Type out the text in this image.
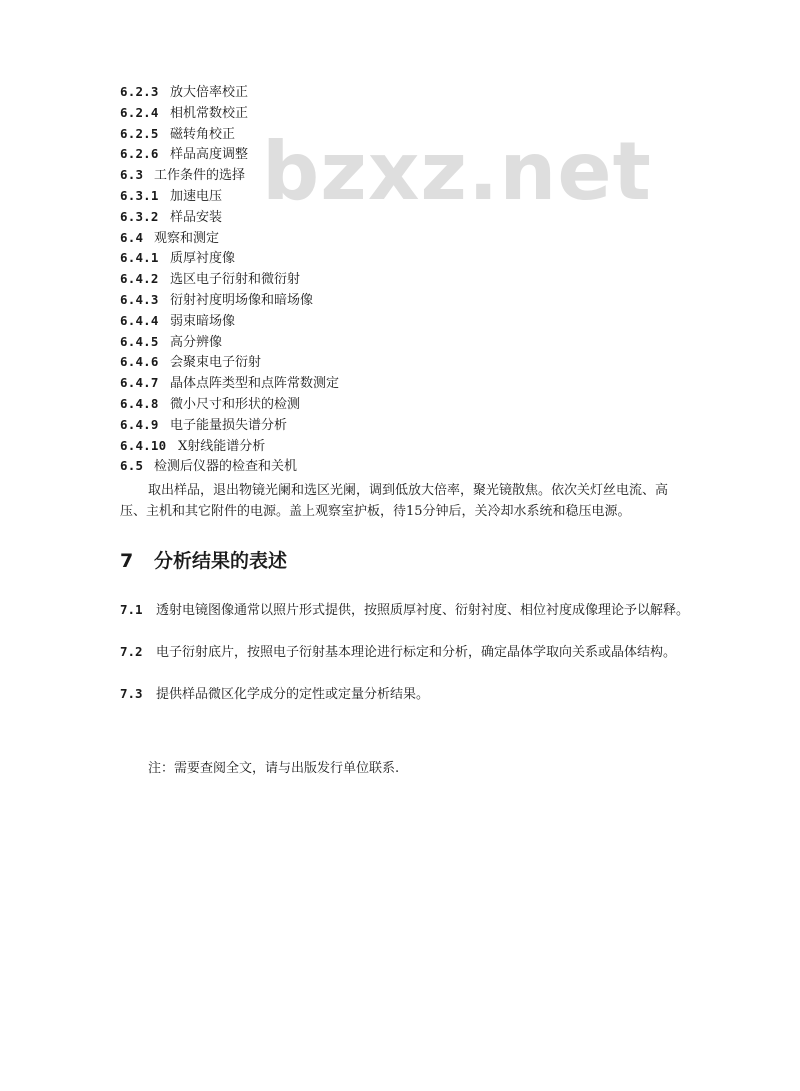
bzxz.net
6.2.3 放大倍率校正
6.2.4 相机常数校正
6.2.5 磁转角校正
6.2.6 样品高度调整
6.3 工作条件的选择
6.3.1 加速电压
6.3.2 样品安装
6.4 观察和测定
6.4.1 质厚衬度像
6.4.2 选区电子衍射和微衍射
6.4.3 衍射衬度明场像和暗场像
6.4.4 弱束暗场像
6.4.5 高分辨像
6.4.6 会聚束电子衍射
6.4.7 晶体点阵类型和点阵常数测定
6.4.8 微小尺寸和形状的检测
6.4.9 电子能量损失谱分析
6.4.10 X射线能谱分析
6.5 检测后仪器的检查和关机

取出样品，退出物镜光阑和选区光阑，调到低放大倍率，聚光镜散焦。依次关灯丝电流、高压、主机和其它附件的电源。盖上观察室护板，待15分钟后，关冷却水系统和稳压电源。

7 分析结果的表述

7.1 透射电镜图像通常以照片形式提供，按照质厚衬度、衍射衬度、相位衬度成像理论予以解释。

7.2 电子衍射底片，按照电子衍射基本理论进行标定和分析，确定晶体学取向关系或晶体结构。

7.3 提供样品微区化学成分的定性或定量分析结果。

注：需要查阅全文，请与出版发行单位联系.
